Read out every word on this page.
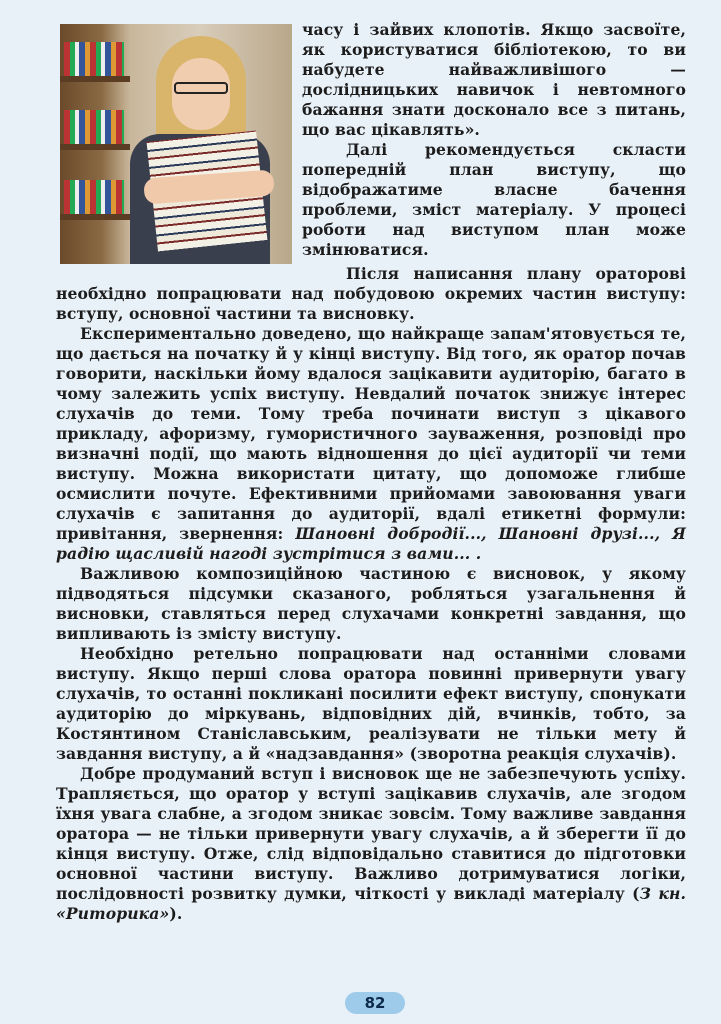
часу і зайвих клопотів. Якщо засвоїте, як користуватися бібліотекою, то ви набудете найважливішого — дослідницьких навичок і невтомного бажання знати досконало все з питань, що вас цікавлять».

Далі рекомендується скласти попередній план виступу, що відображатиме власне бачення проблеми, зміст матеріалу. У процесі роботи над виступом план може змінюватися.

Після написання плану ораторові необхідно попрацювати над побудовою окремих частин виступу: вступу, основної частини та висновку.

Експериментально доведено, що найкраще запам'ятовується те, що дається на початку й у кінці виступу. Від того, як оратор почав говорити, наскільки йому вдалося зацікавити аудиторію, багато в чому залежить успіх виступу. Невдалий початок знижує інтерес слухачів до теми. Тому треба починати виступ з цікавого прикладу, афоризму, гумористичного зауваження, розповіді про визначні події, що мають відношення до цієї аудиторії чи теми виступу. Можна використати цитату, що допоможе глибше осмислити почуте. Ефективними прийомами завоювання уваги слухачів є запитання до аудиторії, вдалі етикетні формули: привітання, звернення: Шановні добродії..., Шановні друзі..., Я радію щасливій нагоді зустрітися з вами... .

Важливою композиційною частиною є висновок, у якому підводяться підсумки сказаного, робляться узагальнення й висновки, ставляться перед слухачами конкретні завдання, що випливають із змісту виступу.

Необхідно ретельно попрацювати над останніми словами виступу. Якщо перші слова оратора повинні привернути увагу слухачів, то останні покликані посилити ефект виступу, спонукати аудиторію до міркувань, відповідних дій, вчинків, тобто, за Костянтином Станіславським, реалізувати не тільки мету й завдання виступу, а й «надзавдання» (зворотна реакція слухачів).

Добре продуманий вступ і висновок ще не забезпечують успіху. Трапляється, що оратор у вступі зацікавив слухачів, але згодом їхня увага слабне, а згодом зникає зовсім. Тому важливе завдання оратора — не тільки привернути увагу слухачів, а й зберегти її до кінця виступу. Отже, слід відповідально ставитися до підготовки основної частини виступу. Важливо дотримуватися логіки, послідовності розвитку думки, чіткості у викладі матеріалу (З кн. «Риторика»).

82
